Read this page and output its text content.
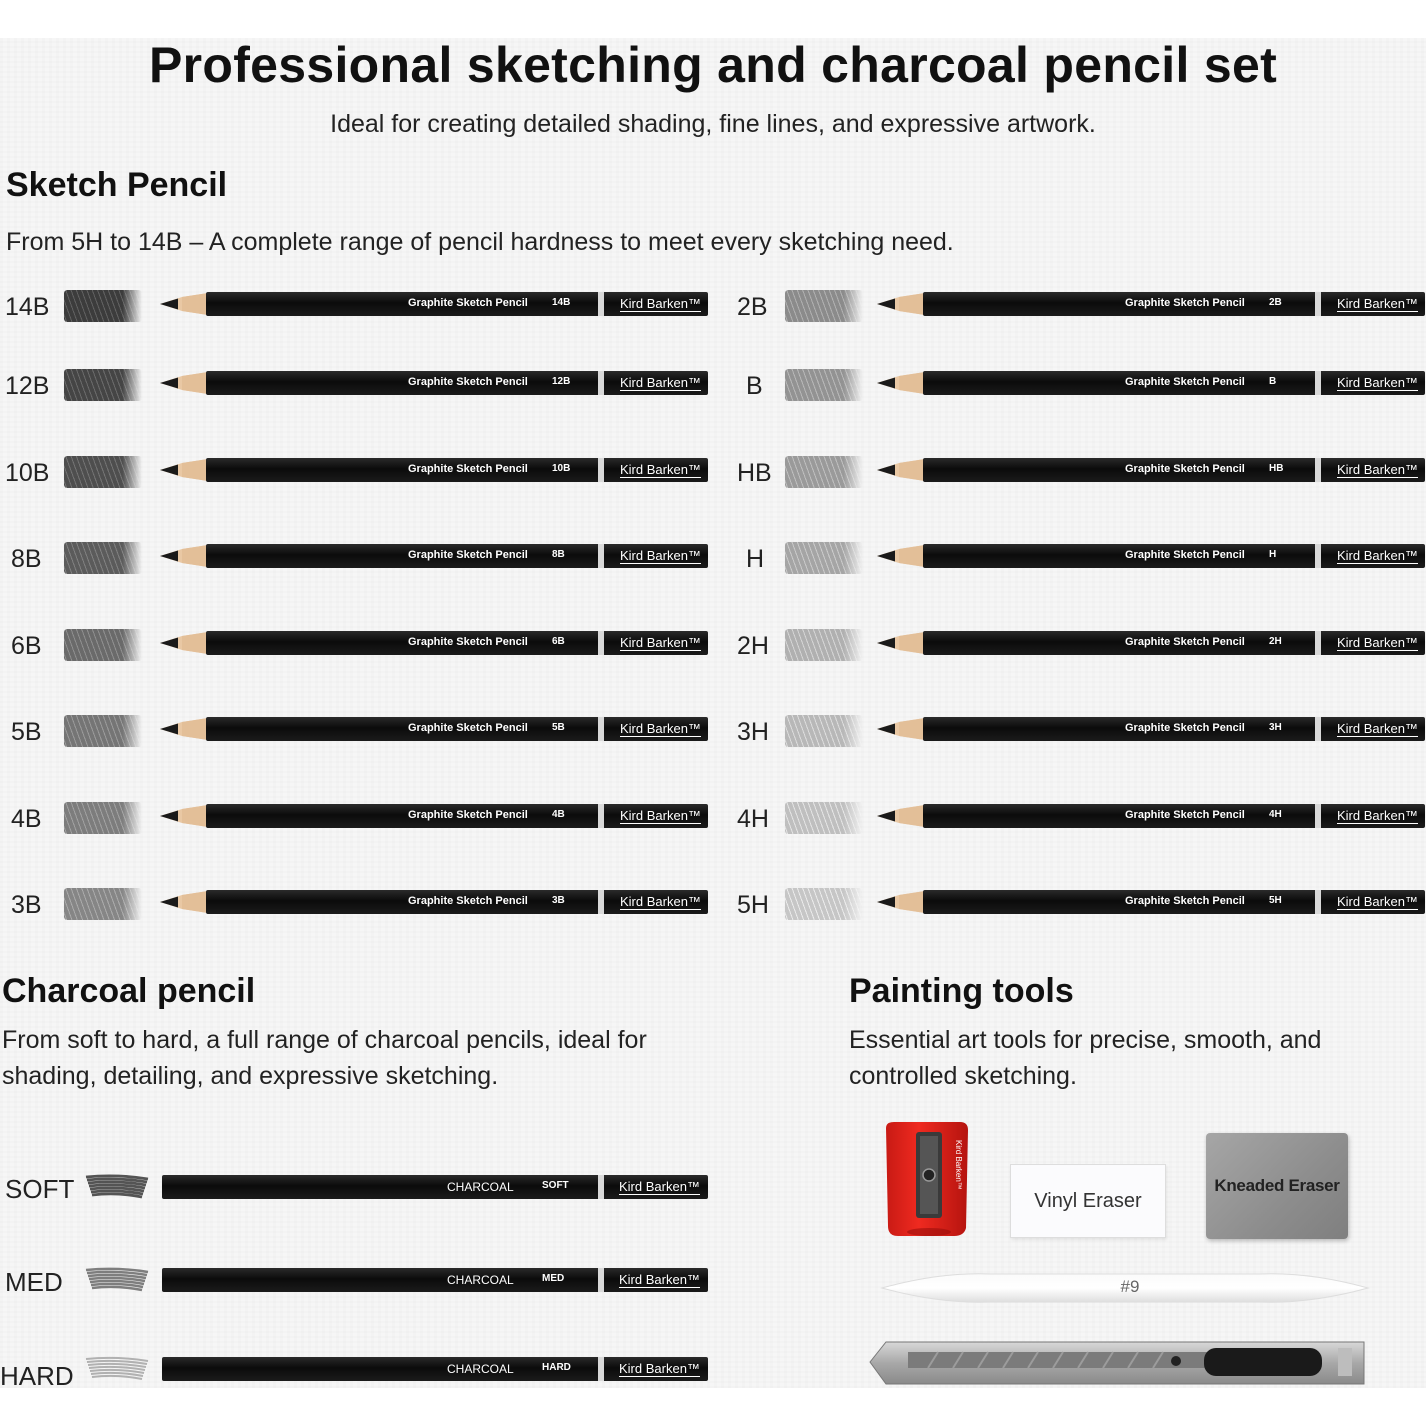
Professional sketching and charcoal pencil set
Ideal for creating detailed shading, fine lines, and expressive artwork.
Sketch Pencil
From 5H to 14B – A complete range of pencil hardness to meet every sketching need.
14B	Graphite Sketch Pencil 14B	Kird Barken™
12B	Graphite Sketch Pencil 12B	Kird Barken™
10B	Graphite Sketch Pencil 10B	Kird Barken™
8B	Graphite Sketch Pencil 8B	Kird Barken™
6B	Graphite Sketch Pencil 6B	Kird Barken™
5B	Graphite Sketch Pencil 5B	Kird Barken™
4B	Graphite Sketch Pencil 4B	Kird Barken™
3B	Graphite Sketch Pencil 3B	Kird Barken™
2B	Graphite Sketch Pencil 2B	Kird Barken™
B	Graphite Sketch Pencil B	Kird Barken™
HB	Graphite Sketch Pencil HB	Kird Barken™
H	Graphite Sketch Pencil H	Kird Barken™
2H	Graphite Sketch Pencil 2H	Kird Barken™
3H	Graphite Sketch Pencil 3H	Kird Barken™
4H	Graphite Sketch Pencil 4H	Kird Barken™
5H	Graphite Sketch Pencil 5H	Kird Barken™
Charcoal pencil
From soft to hard, a full range of charcoal pencils, ideal for
shading, detailing, and expressive sketching.
SOFT	CHARCOAL	SOFT	Kird Barken™
MED	CHARCOAL	MED	Kird Barken™
HARD	CHARCOAL	HARD	Kird Barken™
Painting tools
Essential art tools for precise, smooth, and
controlled sketching.
Kird Barken™
Vinyl Eraser
Kneaded Eraser
#9
